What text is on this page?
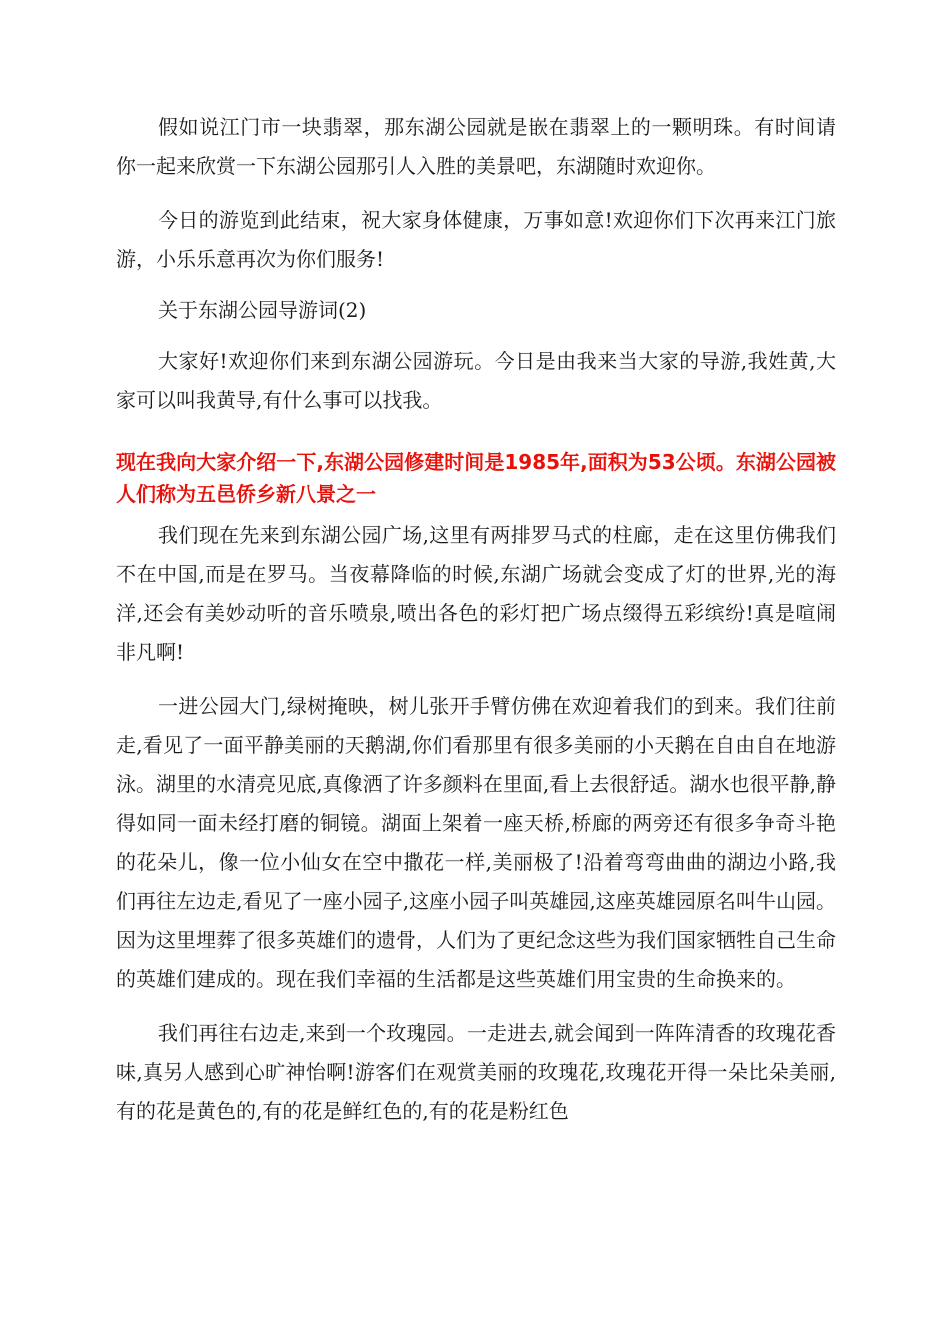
假如说江门市一块翡翠，那东湖公园就是嵌在翡翠上的一颗明珠。有时间请你一起来欣赏一下东湖公园那引人入胜的美景吧，东湖随时欢迎你。

今日的游览到此结束，祝大家身体健康，万事如意!欢迎你们下次再来江门旅游，小乐乐意再次为你们服务!

关于东湖公园导游词(2)

大家好!欢迎你们来到东湖公园游玩。今日是由我来当大家的导游,我姓黄,大家可以叫我黄导,有什么事可以找我。

现在我向大家介绍一下,东湖公园修建时间是1985年,面积为53公顷。东湖公园被人们称为五邑侨乡新八景之一

我们现在先来到东湖公园广场,这里有两排罗马式的柱廊，走在这里仿佛我们不在中国,而是在罗马。当夜幕降临的时候,东湖广场就会变成了灯的世界,光的海洋,还会有美妙动听的音乐喷泉,喷出各色的彩灯把广场点缀得五彩缤纷!真是喧闹非凡啊!

一进公园大门,绿树掩映，树儿张开手臂仿佛在欢迎着我们的到来。我们往前走,看见了一面平静美丽的天鹅湖,你们看那里有很多美丽的小天鹅在自由自在地游泳。湖里的水清亮见底,真像洒了许多颜料在里面,看上去很舒适。湖水也很平静,静得如同一面未经打磨的铜镜。湖面上架着一座天桥,桥廊的两旁还有很多争奇斗艳的花朵儿，像一位小仙女在空中撒花一样,美丽极了!沿着弯弯曲曲的湖边小路,我们再往左边走,看见了一座小园子,这座小园子叫英雄园,这座英雄园原名叫牛山园。因为这里埋葬了很多英雄们的遗骨，人们为了更纪念这些为我们国家牺牲自己生命的英雄们建成的。现在我们幸福的生活都是这些英雄们用宝贵的生命换来的。

我们再往右边走,来到一个玫瑰园。一走进去,就会闻到一阵阵清香的玫瑰花香味,真另人感到心旷神怡啊!游客们在观赏美丽的玫瑰花,玫瑰花开得一朵比朵美丽,有的花是黄色的,有的花是鲜红色的,有的花是粉红色
